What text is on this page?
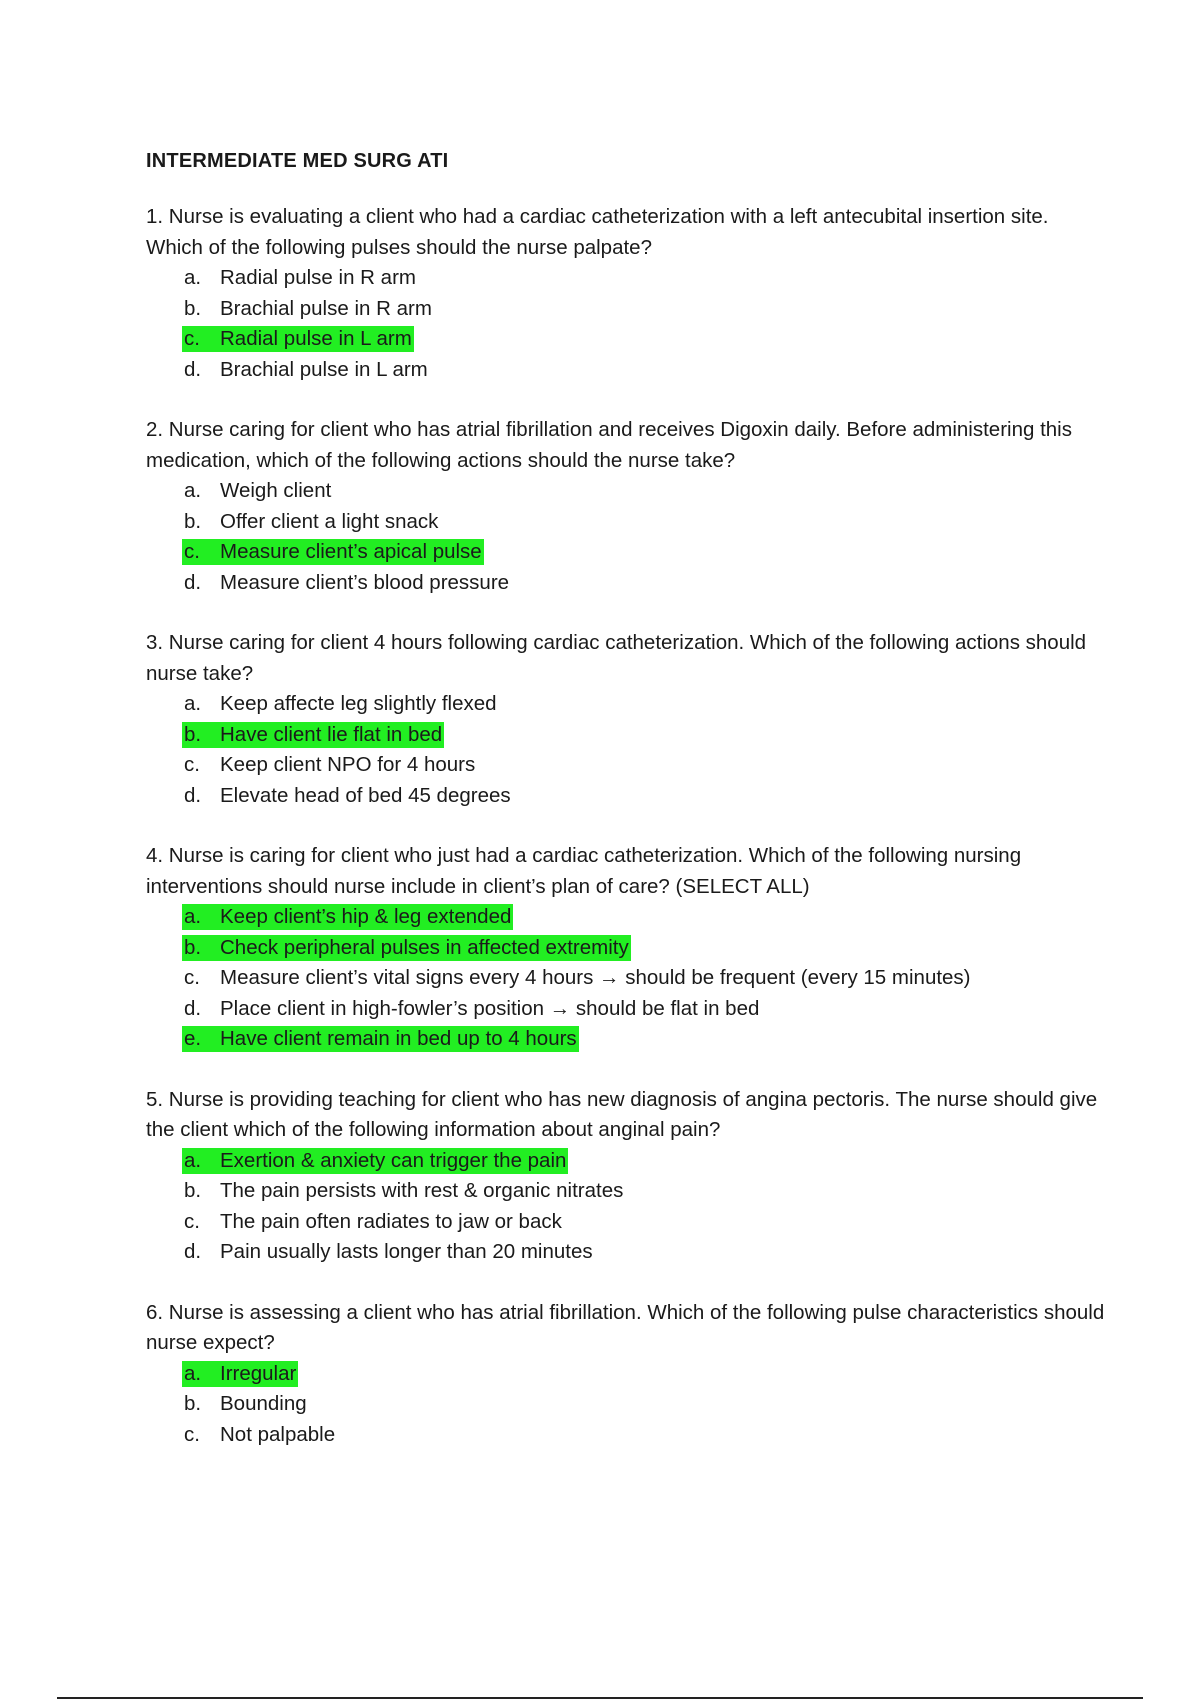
INTERMEDIATE MED SURG ATI

1. Nurse is evaluating a client who had a cardiac catheterization with a left antecubital insertion site. Which of the following pulses should the nurse palpate?

a. Radial pulse in R arm
b. Brachial pulse in R arm
c. Radial pulse in L arm
d. Brachial pulse in L arm

2. Nurse caring for client who has atrial fibrillation and receives Digoxin daily. Before administering this medication, which of the following actions should the nurse take?

a. Weigh client
b. Offer client a light snack
c. Measure client’s apical pulse
d. Measure client’s blood pressure

3. Nurse caring for client 4 hours following cardiac catheterization. Which of the following actions should nurse take?

a. Keep affecte leg slightly flexed
b. Have client lie flat in bed
c. Keep client NPO for 4 hours
d. Elevate head of bed 45 degrees

4. Nurse is caring for client who just had a cardiac catheterization. Which of the following nursing interventions should nurse include in client’s plan of care? (SELECT ALL)

a. Keep client’s hip & leg extended
b. Check peripheral pulses in affected extremity
c. Measure client’s vital signs every 4 hours → should be frequent (every 15 minutes)
d. Place client in high-fowler’s position → should be flat in bed
e. Have client remain in bed up to 4 hours

5. Nurse is providing teaching for client who has new diagnosis of angina pectoris. The nurse should give the client which of the following information about anginal pain?

a. Exertion & anxiety can trigger the pain
b. The pain persists with rest & organic nitrates
c. The pain often radiates to jaw or back
d. Pain usually lasts longer than 20 minutes

6. Nurse is assessing a client who has atrial fibrillation. Which of the following pulse characteristics should nurse expect?

a. Irregular
b. Bounding
c. Not palpable
